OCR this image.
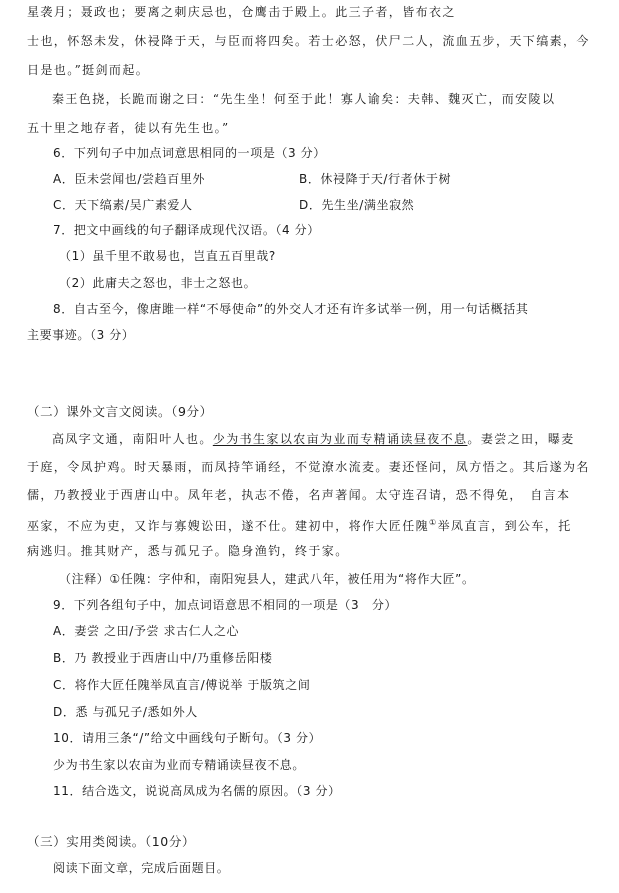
星袭月；聂政也；要离之刺庆忌也，仓鹰击于殿上。此三子者，皆布衣之
士也，怀怒未发，休祲降于天，与臣而将四矣。若士必怒，伏尸二人，流血五步，天下缟素，今
日是也。”挺剑而起。
秦王色挠，长跪而谢之曰：“先生坐！何至于此！寡人谕矣：夫韩、魏灭亡，而安陵以
五十里之地存者，徒以有先生也。”
6．下列句子中加点词意思相同的一项是（3 分）
A．臣未尝闻也/尝趋百里外	B．休祲降于天/行者休于树
C．天下缟素/吴广素爱人	D．先生坐/满坐寂然
7．把文中画线的句子翻译成现代汉语。（4 分）
（1）虽千里不敢易也，岂直五百里哉?
（2）此庸夫之怒也，非士之怒也。
8．自古至今，像唐雎一样“不辱使命”的外交人才还有许多试举一例，用一句话概括其
主要事迹。（3 分）
（二）课外文言文阅读。（9分）
高凤字文通，南阳叶人也。少为书生家以农亩为业而专精诵读昼夜不息。妻尝之田，曝麦
于庭，令凤护鸡。时天暴雨，而凤持竿诵经，不觉潦水流麦。妻还怪问，凤方悟之。其后遂为名
儒，乃教授业于西唐山中。凤年老，执志不倦，名声著闻。太守连召请，恐不得免，　自言本
巫家，不应为吏，又诈与寡嫂讼田，遂不仕。建初中，将作大匠任隗①举凤直言，到公车，托
病逃归。推其财产，悉与孤兄子。隐身渔钓，终于家。
（注释）①任隗：字仲和，南阳宛县人，建武八年，被任用为“将作大匠”。
9．下列各组句子中，加点词语意思不相同的一项是（3　分）
A．妻尝 之田/予尝 求古仁人之心
B．乃 教授业于西唐山中/乃重修岳阳楼
C．将作大匠任隗举凤直言/傅说举 于版筑之间
D．悉 与孤兄子/悉如外人
10．请用三条“/”给文中画线句子断句。（3 分）
少为书生家以农亩为业而专精诵读昼夜不息。
11．结合选文，说说高凤成为名儒的原因。（3 分）
（三）实用类阅读。（10分）
阅读下面文章，完成后面题目。
